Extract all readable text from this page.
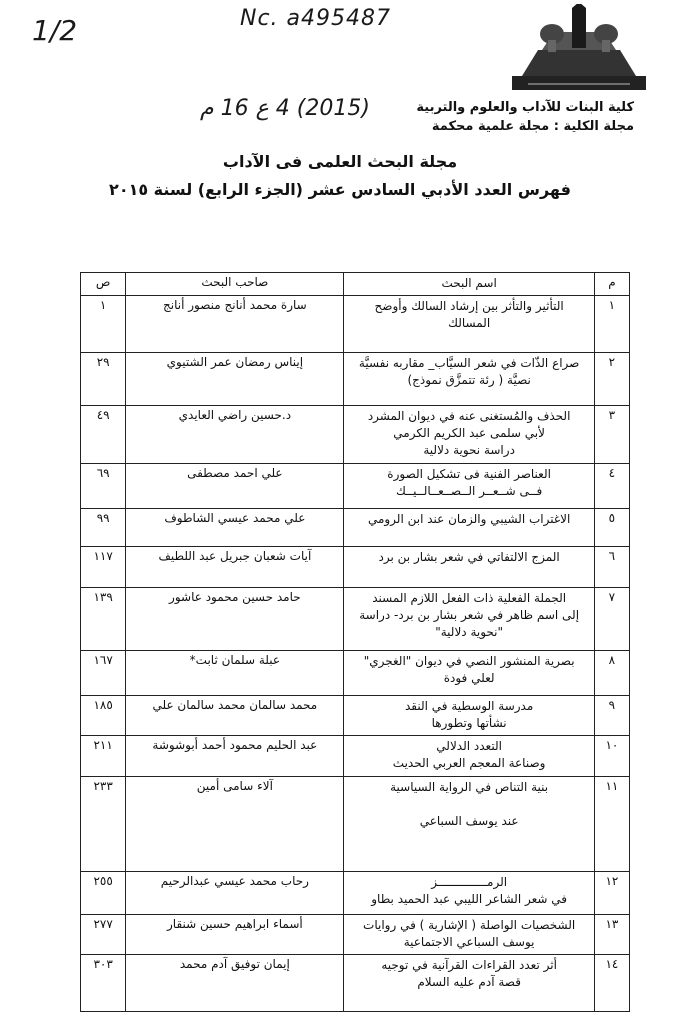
1/2	Nc. a495487
(2015) 4 ع 16 م	كلية البنات للآداب والعلوم والتربية
مجلة الكلية : مجلة علمية محكمة
مجلة البحث العلمى فى الآداب
فهرس العدد الأدبي السادس عشر (الجزء الرابع) لسنة ٢٠١٥
م	اسم البحث	صاحب البحث	ص
١	التأثير والتأثر بين إرشاد السالك وأوضح
المسالك	سارة محمد أنانج منصور أنانج	١
٢	صراع الذّات في شعر السيَّاب_ مقاربه نفسيَّة
نصيَّة ( رئة تتمزَّق نموذج)	إيناس رمضان عمر الشتيوي	٢٩
٣	الحذف والمُستغنى عنه في ديوان المشرد
لأبي سلمى عبد الكريم الكرمي
دراسة نحوية دلالية	د.حسين راضي العايدي	٤٩
٤	العناصر الفنية فى تشكيل الصورة
فــى شــعــر الــصــعــالــيــك	علي احمد مصطفى	٦٩
٥	الاغتراب الشيبي والزمان عند ابن الرومي	علي محمد عيسي الشاطوف	٩٩
٦	المزج الالتفاتي في شعر بشار بن برد	آيات شعبان جبريل عبد اللطيف	١١٧
٧	الجملة الفعلية ذات الفعل اللازم المسند
إلى اسم ظاهر في شعر بشار بن برد- دراسة
"نحوية دلالية"	حامد حسين محمود عاشور	١٣٩
٨	بصرية المنشور النصي في ديوان "الغجري"
لعلي فودة	عبلة سلمان ثابت*	١٦٧
٩	مدرسة الوسطية في النقد
نشأتها وتطورها	محمد سالمان محمد سالمان علي	١٨٥
١٠	التعدد الدلالي
وصناعة المعجم العربي الحديث	عبد الحليم محمود أحمد أبوشوشة	٢١١
١١	بنية التناص في الرواية السياسية
عند يوسف السباعي	آلاء سامى أمين	٢٣٣
١٢	الرمــــــــــــــز
في شعر الشاعر الليبي عبد الحميد بطاو	رحاب محمد عيسي عبدالرحيم	٢٥٥
١٣	الشخصيات الواصلة ( الإشارية ) في روايات
يوسف السباعي الاجتماعية	أسماء ابراهيم حسين شنقار	٢٧٧
١٤	أثر تعدد القراءات القرآنية في توجيه
قصة آدم عليه السلام	إيمان توفيق آدم محمد	٣٠٣
